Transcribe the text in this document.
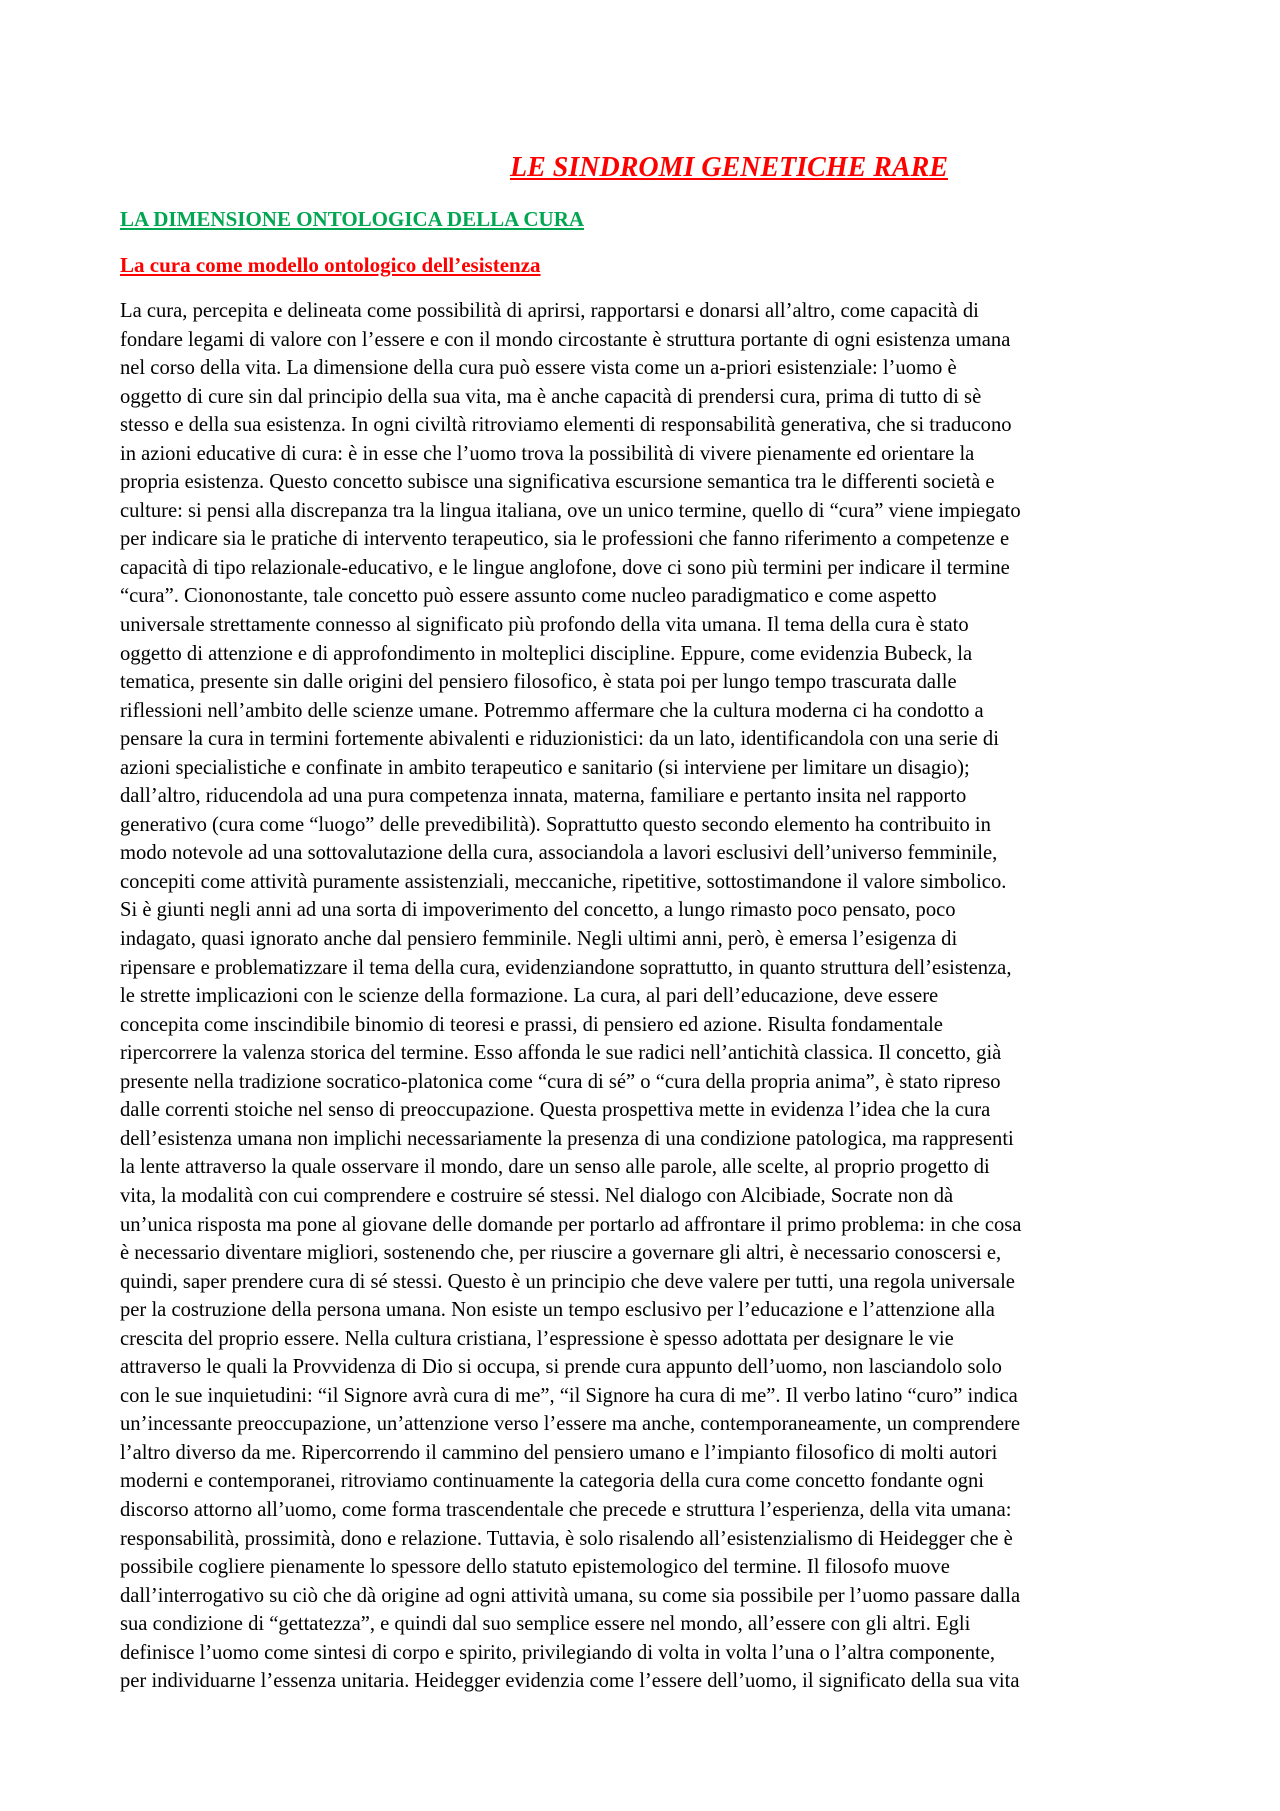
LE SINDROMI GENETICHE RARE
LA DIMENSIONE ONTOLOGICA DELLA CURA
La cura come modello ontologico dell’esistenza
La cura, percepita e delineata come possibilità di aprirsi, rapportarsi e donarsi all’altro, come capacità di
fondare legami di valore con l’essere e con il mondo circostante è struttura portante di ogni esistenza umana
nel corso della vita. La dimensione della cura può essere vista come un a-priori esistenziale: l’uomo è
oggetto di cure sin dal principio della sua vita, ma è anche capacità di prendersi cura, prima di tutto di sè
stesso e della sua esistenza. In ogni civiltà ritroviamo elementi di responsabilità generativa, che si traducono
in azioni educative di cura: è in esse che l’uomo trova la possibilità di vivere pienamente ed orientare la
propria esistenza. Questo concetto subisce una significativa escursione semantica tra le differenti società e
culture: si pensi alla discrepanza tra la lingua italiana, ove un unico termine, quello di “cura” viene impiegato
per indicare sia le pratiche di intervento terapeutico, sia le professioni che fanno riferimento a competenze e
capacità di tipo relazionale-educativo, e le lingue anglofone, dove ci sono più termini per indicare il termine
“cura”. Ciononostante, tale concetto può essere assunto come nucleo paradigmatico e come aspetto
universale strettamente connesso al significato più profondo della vita umana. Il tema della cura è stato
oggetto di attenzione e di approfondimento in molteplici discipline. Eppure, come evidenzia Bubeck, la
tematica, presente sin dalle origini del pensiero filosofico, è stata poi per lungo tempo trascurata dalle
riflessioni nell’ambito delle scienze umane. Potremmo affermare che la cultura moderna ci ha condotto a
pensare la cura in termini fortemente abivalenti e riduzionistici: da un lato, identificandola con una serie di
azioni specialistiche e confinate in ambito terapeutico e sanitario (si interviene per limitare un disagio);
dall’altro, riducendola ad una pura competenza innata, materna, familiare e pertanto insita nel rapporto
generativo (cura come “luogo” delle prevedibilità). Soprattutto questo secondo elemento ha contribuito in
modo notevole ad una sottovalutazione della cura, associandola a lavori esclusivi dell’universo femminile,
concepiti come attività puramente assistenziali, meccaniche, ripetitive, sottostimandone il valore simbolico.
Si è giunti negli anni ad una sorta di impoverimento del concetto, a lungo rimasto poco pensato, poco
indagato, quasi ignorato anche dal pensiero femminile. Negli ultimi anni, però, è emersa l’esigenza di
ripensare e problematizzare il tema della cura, evidenziandone soprattutto, in quanto struttura dell’esistenza,
le strette implicazioni con le scienze della formazione. La cura, al pari dell’educazione, deve essere
concepita come inscindibile binomio di teoresi e prassi, di pensiero ed azione. Risulta fondamentale
ripercorrere la valenza storica del termine. Esso affonda le sue radici nell’antichità classica. Il concetto, già
presente nella tradizione socratico-platonica come “cura di sé” o “cura della propria anima”, è stato ripreso
dalle correnti stoiche nel senso di preoccupazione. Questa prospettiva mette in evidenza l’idea che la cura
dell’esistenza umana non implichi necessariamente la presenza di una condizione patologica, ma rappresenti
la lente attraverso la quale osservare il mondo, dare un senso alle parole, alle scelte, al proprio progetto di
vita, la modalità con cui comprendere e costruire sé stessi. Nel dialogo con Alcibiade, Socrate non dà
un’unica risposta ma pone al giovane delle domande per portarlo ad affrontare il primo problema: in che cosa
è necessario diventare migliori, sostenendo che, per riuscire a governare gli altri, è necessario conoscersi e,
quindi, saper prendere cura di sé stessi. Questo è un principio che deve valere per tutti, una regola universale
per la costruzione della persona umana. Non esiste un tempo esclusivo per l’educazione e l’attenzione alla
crescita del proprio essere. Nella cultura cristiana, l’espressione è spesso adottata per designare le vie
attraverso le quali la Provvidenza di Dio si occupa, si prende cura appunto dell’uomo, non lasciandolo solo
con le sue inquietudini: “il Signore avrà cura di me”, “il Signore ha cura di me”. Il verbo latino “curo” indica
un’incessante preoccupazione, un’attenzione verso l’essere ma anche, contemporaneamente, un comprendere
l’altro diverso da me. Ripercorrendo il cammino del pensiero umano e l’impianto filosofico di molti autori
moderni e contemporanei, ritroviamo continuamente la categoria della cura come concetto fondante ogni
discorso attorno all’uomo, come forma trascendentale che precede e struttura l’esperienza, della vita umana:
responsabilità, prossimità, dono e relazione. Tuttavia, è solo risalendo all’esistenzialismo di Heidegger che è
possibile cogliere pienamente lo spessore dello statuto epistemologico del termine. Il filosofo muove
dall’interrogativo su ciò che dà origine ad ogni attività umana, su come sia possibile per l’uomo passare dalla
sua condizione di “gettatezza”, e quindi dal suo semplice essere nel mondo, all’essere con gli altri. Egli
definisce l’uomo come sintesi di corpo e spirito, privilegiando di volta in volta l’una o l’altra componente,
per individuarne l’essenza unitaria. Heidegger evidenzia come l’essere dell’uomo, il significato della sua vita
